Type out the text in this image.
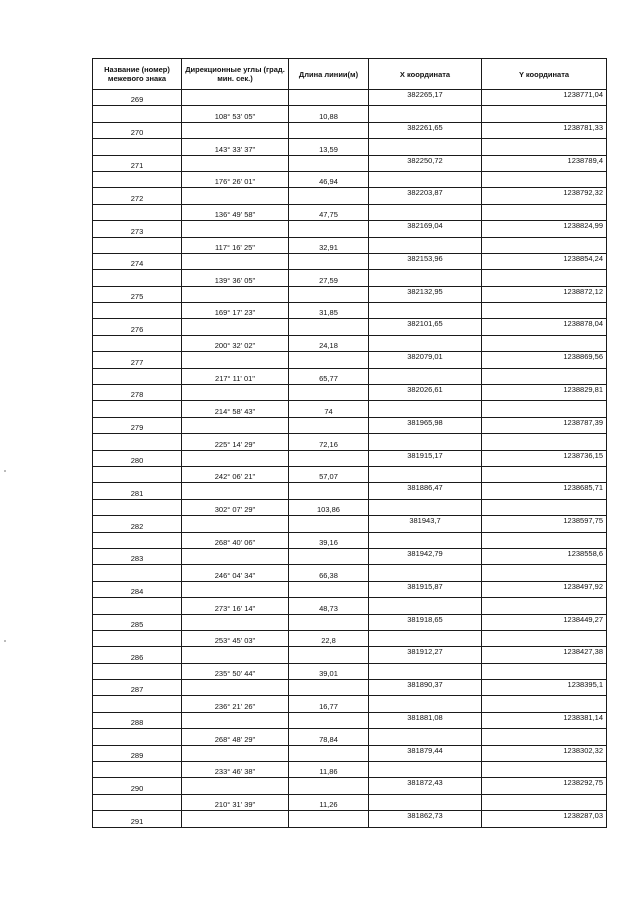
Название (номер) межевого знака	Дирекционные углы (град. мин. сек.)	Длина линии(м)	X координата	Y координата
269			382265,17	1238771,04
	108° 53' 05"	10,88		
270			382261,65	1238781,33
	143° 33' 37"	13,59		
271			382250,72	1238789,4
	176° 26' 01"	46,94		
272			382203,87	1238792,32
	136° 49' 58"	47,75		
273			382169,04	1238824,99
	117° 16' 25"	32,91		
274			382153,96	1238854,24
	139° 36' 05"	27,59		
275			382132,95	1238872,12
	169° 17' 23"	31,85		
276			382101,65	1238878,04
	200° 32' 02"	24,18		
277			382079,01	1238869,56
	217° 11' 01"	65,77		
278			382026,61	1238829,81
	214° 58' 43"	74		
279			381965,98	1238787,39
	225° 14' 29"	72,16		
280			381915,17	1238736,15
	242° 06' 21"	57,07		
281			381886,47	1238685,71
	302° 07' 29"	103,86		
282			381943,7	1238597,75
	268° 40' 06"	39,16		
283			381942,79	1238558,6
	246° 04' 34"	66,38		
284			381915,87	1238497,92
	273° 16' 14"	48,73		
285			381918,65	1238449,27
	253° 45' 03"	22,8		
286			381912,27	1238427,38
	235° 50' 44"	39,01		
287			381890,37	1238395,1
	236° 21' 26"	16,77		
288			381881,08	1238381,14
	268° 48' 29"	78,84		
289			381879,44	1238302,32
	233° 46' 38"	11,86		
290			381872,43	1238292,75
	210° 31' 39"	11,26		
291			381862,73	1238287,03
